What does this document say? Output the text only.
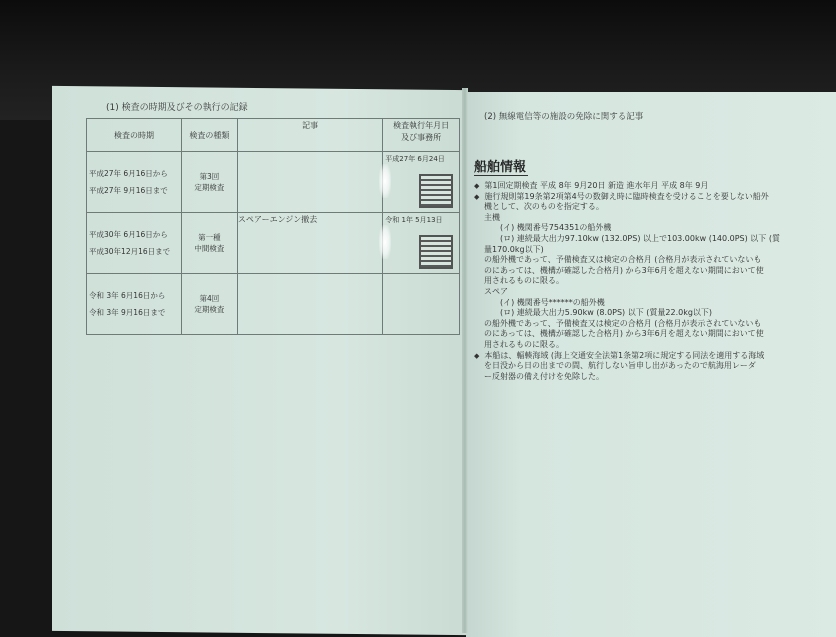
(1) 検査の時期及びその執行の記録
検査の時期	検査の種類	記事	検査執行年月日
及び事務所
平成27年 6月16日から
平成27年 9月16日まで	第3回
定期検査		平成27年 6月24日

平成30年 6月16日から
平成30年12月16日まで	第一種
中間検査	スペアーエンジン撤去	令和 1年 5月13日

令和 3年 6月16日から
令和 3年 9月16日まで	第4回
定期検査		
(2) 無線電信等の施設の免除に関する記事
船舶情報
◆ 第1回定期検査 平成 8年 9月20日 新造 進水年月 平成 8年 9月
◆ 施行規則第19条第2項第4号の数御え時に臨時検査を受けることを要しない船外
機として、次のものを指定する。
主機
(イ) 機関番号754351の船外機
(ロ) 連続最大出力97.10kw (132.0PS) 以上で103.00kw (140.0PS) 以下 (質
量170.0kg以下)
の船外機であって、予備検査又は検定の合格月 (合格月が表示されていないも
のにあっては、機構が確認した合格月) から3年6月を超えない期間において使
用されるものに限る。
スペア
(イ) 機関番号******の船外機
(ロ) 連続最大出力5.90kw (8.0PS) 以下 (質量22.0kg以下)
の船外機であって、予備検査又は検定の合格月 (合格月が表示されていないも
のにあっては、機構が確認した合格月) から3年6月を超えない期間において使
用されるものに限る。
◆ 本船は、輻輳海域 (海上交通安全法第1条第2項に規定する同法を適用する海域
を日没から日の出までの間、航行しない旨申し出があったので航海用レーダ
ー反射器の備え付けを免除した。
